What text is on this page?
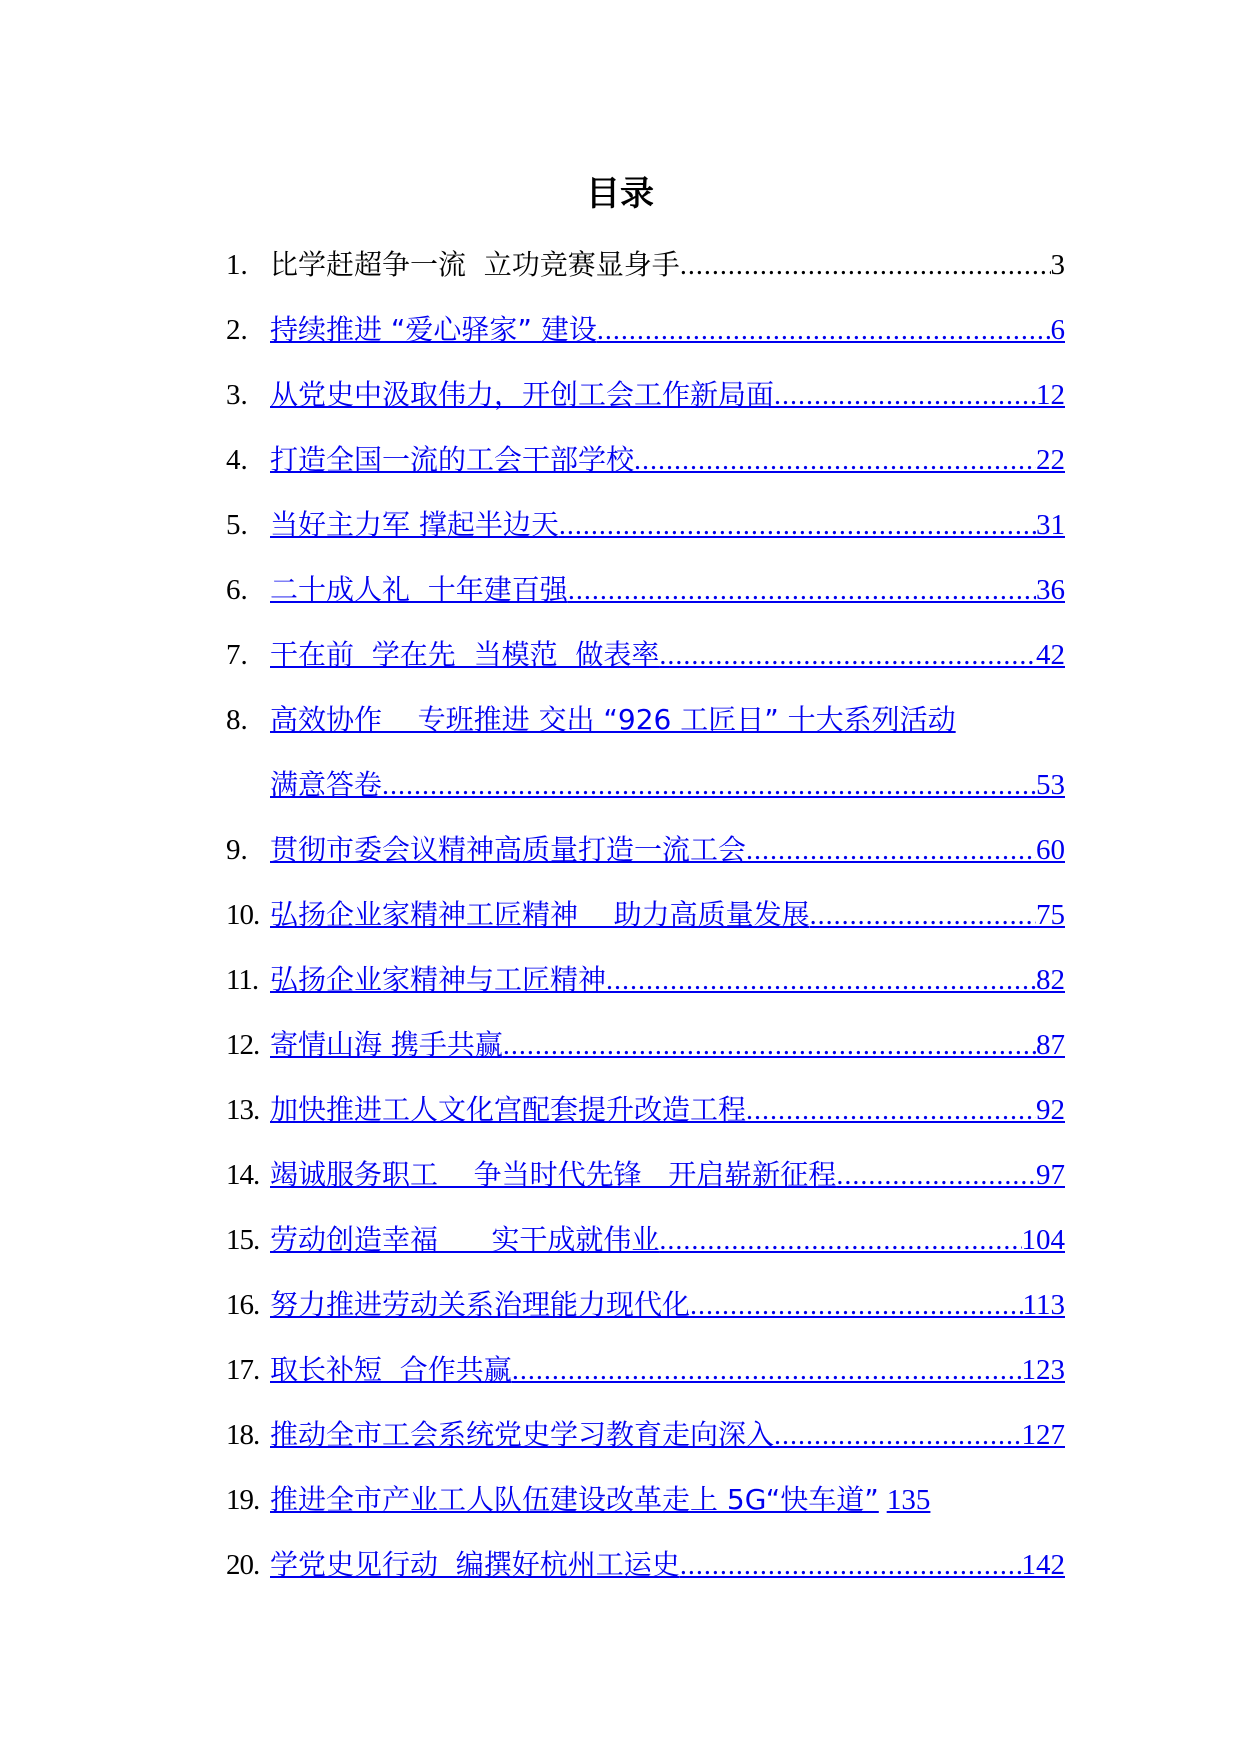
目录
1. 比学赶超争一流  立功竞赛显身手 .....	3
2. 持续推进 “爱心驿家” 建设 .....	6
3. 从党史中汲取伟力，开创工会工作新局面 .....	12
4. 打造全国一流的工会干部学校 .....	22
5. 当好主力军 撑起半边天 .....	31
6. 二十成人礼  十年建百强 .....	36
7. 干在前  学在先  当模范  做表率 .....	42
8. 高效协作    专班推进 交出 “926 工匠日” 十大系列活动
满意答卷 .....	53
9. 贯彻市委会议精神高质量打造一流工会 .....	60
10. 弘扬企业家精神工匠精神    助力高质量发展 .....	75
11. 弘扬企业家精神与工匠精神 .....	82
12. 寄情山海 携手共赢 .....	87
13. 加快推进工人文化宫配套提升改造工程 .....	92
14. 竭诚服务职工    争当时代先锋   开启崭新征程 .....	97
15. 劳动创造幸福      实干成就伟业 .....	104
16. 努力推进劳动关系治理能力现代化 .....	113
17. 取长补短  合作共赢 .....	123
18. 推动全市工会系统党史学习教育走向深入 .....	127
19. 推进全市产业工人队伍建设改革走上 5G“快车道” 135
20. 学党史见行动  编撰好杭州工运史 .....	142
